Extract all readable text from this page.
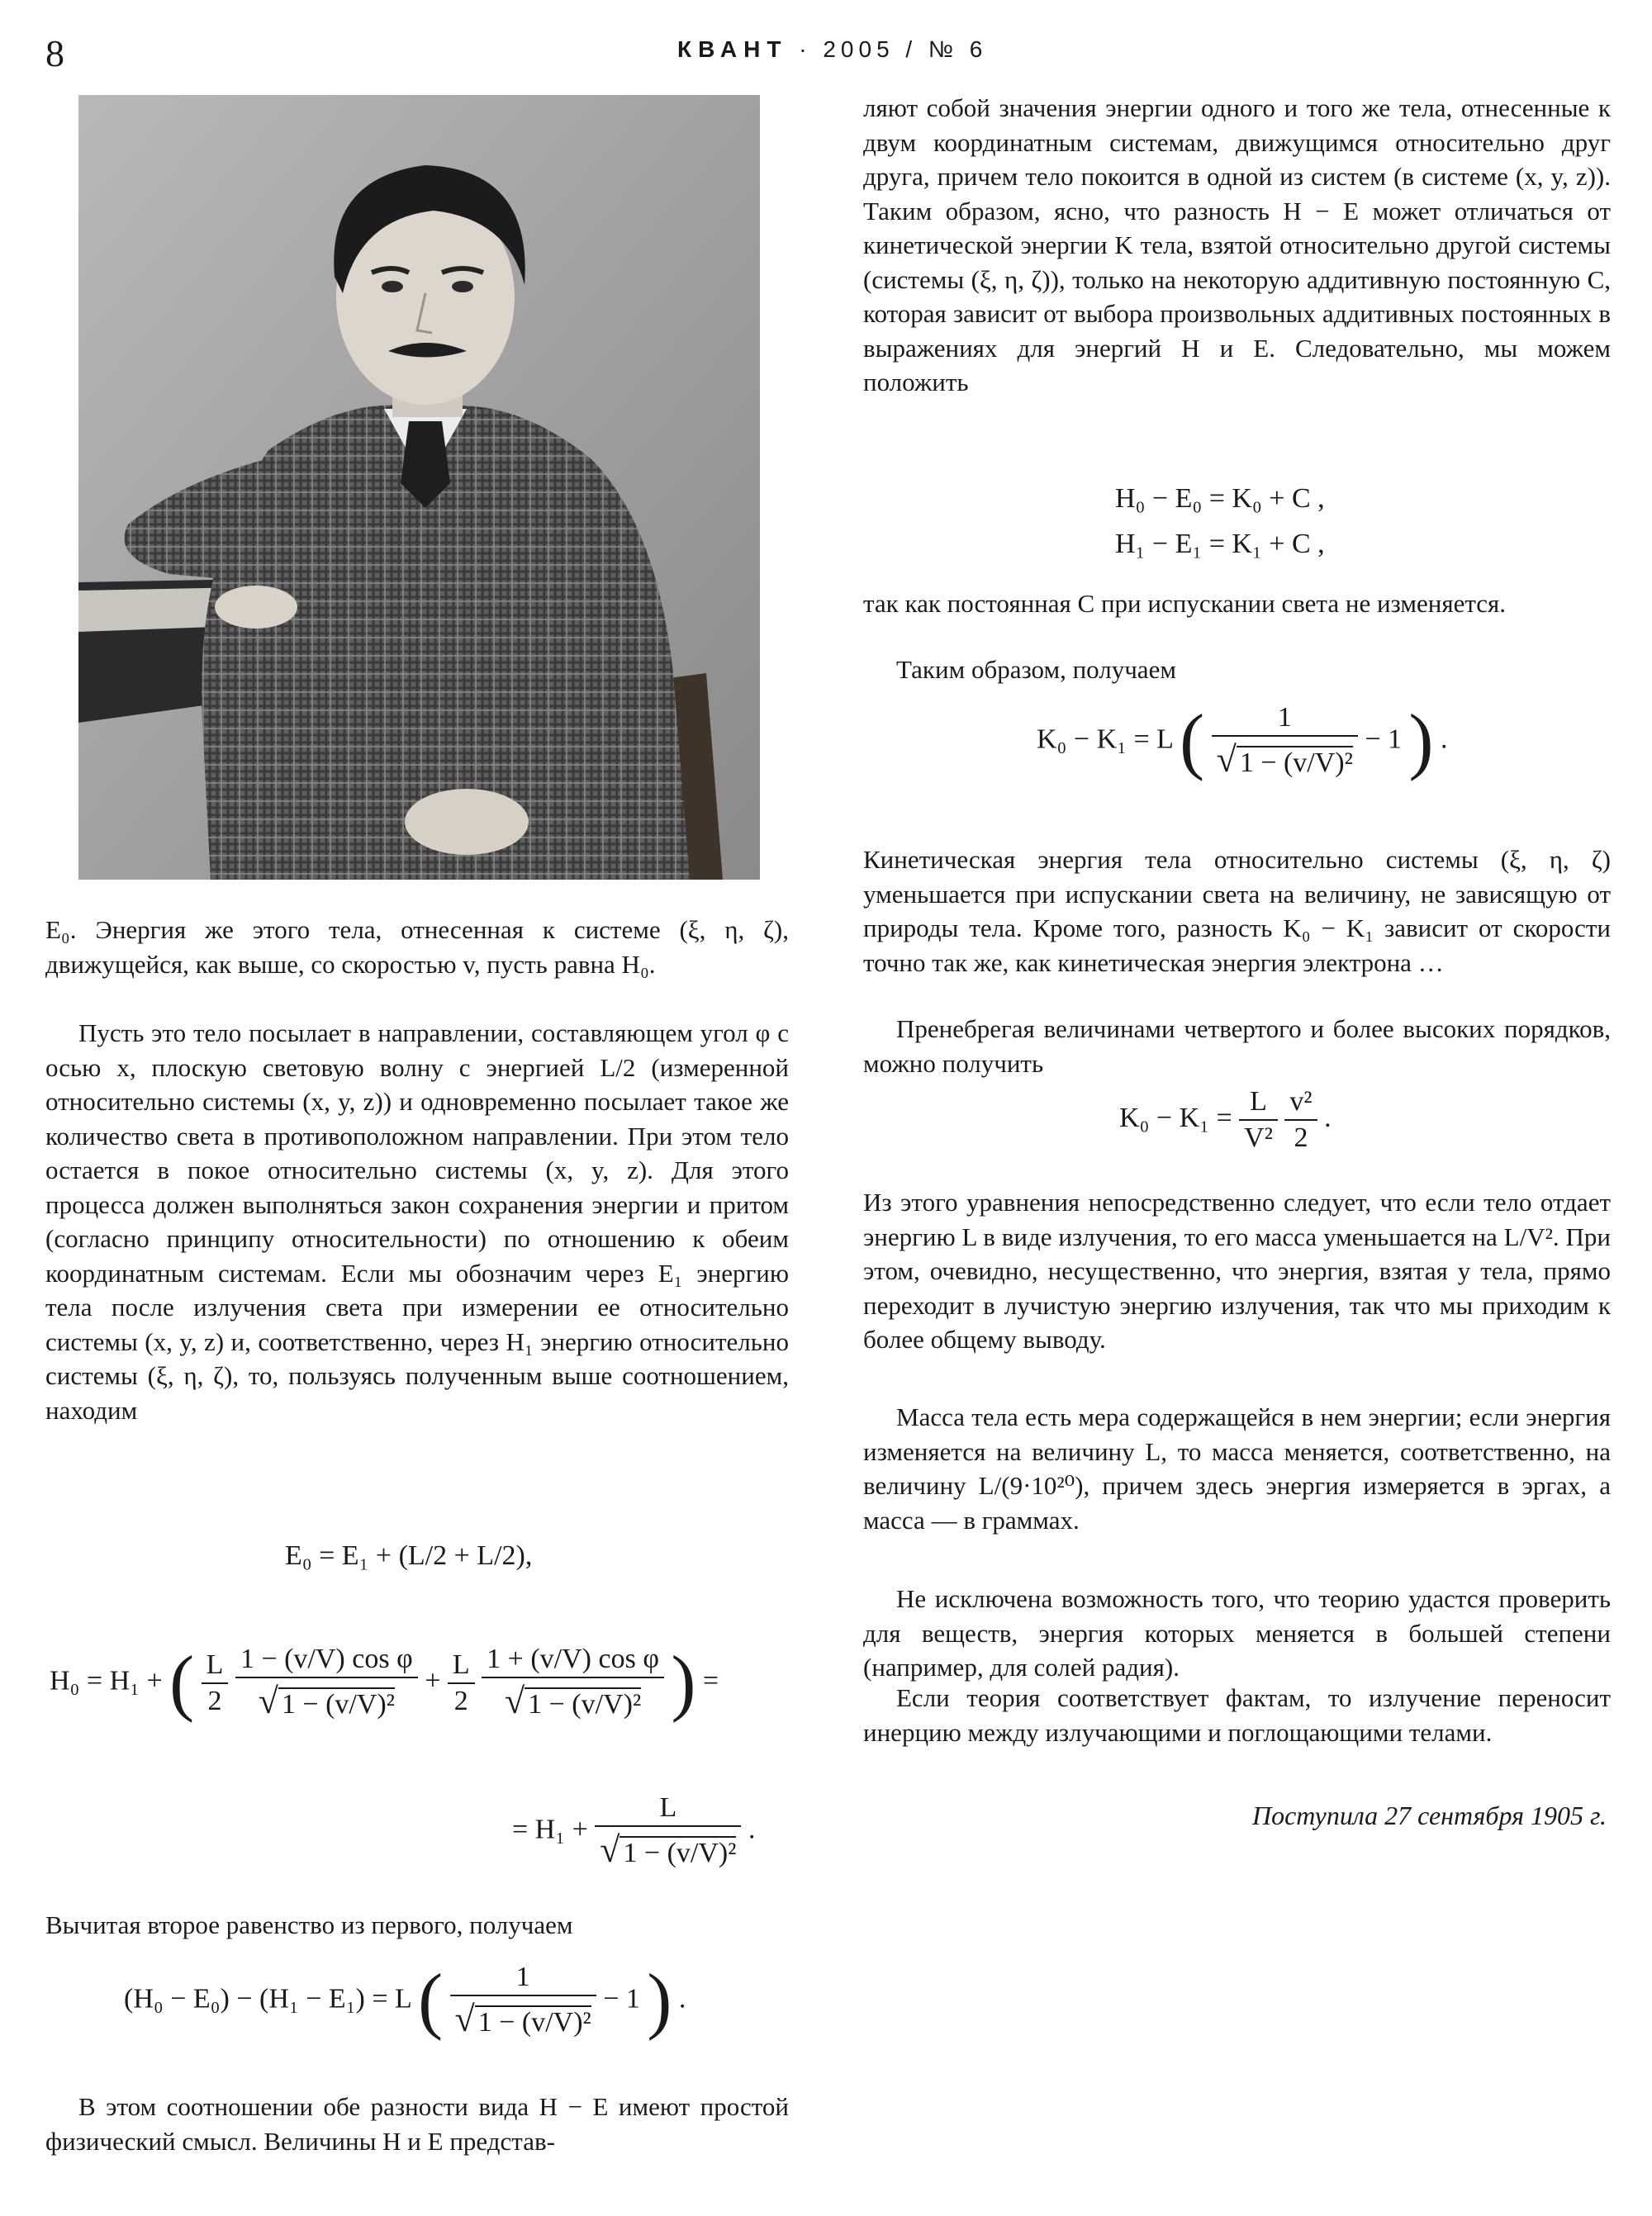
8	КВАНТ · 2005 / № 6

E₀. Энергия же этого тела, отнесенная к системе (ξ, η, ζ), движущейся, как выше, со скоростью v, пусть равна H₀.

Пусть это тело посылает в направлении, составляющем угол φ с осью x, плоскую световую волну с энергией L/2 (измеренной относительно системы (x, y, z)) и одновременно посылает такое же количество света в противоположном направлении. При этом тело остается в покое относительно системы (x, y, z). Для этого процесса должен выполняться закон сохранения энергии и притом (согласно принципу относительности) по отношению к обеим координатным системам. Если мы обозначим через E₁ энергию тела после излучения света при измерении ее относительно системы (x, y, z) и, соответственно, через H₁ энергию относительно системы (ξ, η, ζ), то, пользуясь полученным выше соотношением, находим

E₀ = E₁ + (L/2 + L/2),
H₀ = H₁ + ( $\frac{L}{2}$
$\frac{\text{1 − (v/V) cos φ}}{\text{√ 1 − (v/V)²}} + \frac{L}{2}$
$\frac{\text{1 + (v/V) cos φ}}{\text{√ 1 − (v/V)²}}$ ) =
= $H_1 + \frac{L}{\text{√ 1 − (v/V)²}}$ .

Вычитая второе равенство из первого, получаем

(H₀ − E₀) − (H₁ − E₁) = L ( $\frac{1}{\text{√ 1 − (v/V)²}} - 1$ ) .

В этом соотношении обе разности вида H − E имеют простой физический смысл. Величины H и E представ-

ляют собой значения энергии одного и того же тела, отнесенные к двум координатным системам, движущимся относительно друг друга, причем тело покоится в одной из систем (в системе (x, y, z)). Таким образом, ясно, что разность H − E может отличаться от кинетической энергии K тела, взятой относительно другой системы (системы (ξ, η, ζ)), только на некоторую аддитивную постоянную C, которая зависит от выбора произвольных аддитивных постоянных в выражениях для энергий H и E. Следовательно, мы можем положить

H₀ − E₀ = K₀ + C ,
H₁ − E₁ = K₁ + C ,

так как постоянная C при испускании света не изменяется.

Таким образом, получаем

K₀ − K₁ = L ( $\frac{1}{\text{√ 1 − (v/V)²}} - 1$ ) .

Кинетическая энергия тела относительно системы (ξ, η, ζ) уменьшается при испускании света на величину, не зависящую от природы тела. Кроме того, разность K₀ − K₁ зависит от скорости точно так же, как кинетическая энергия электрона …

Пренебрегая величинами четвертого и более высоких порядков, можно получить

$K_0 - K_1 = \frac{L}{\text{V²}}$
$\frac{\text{v²}}{2}$ .

Из этого уравнения непосредственно следует, что если тело отдает энергию L в виде излучения, то его масса уменьшается на L/V². При этом, очевидно, несущественно, что энергия, взятая у тела, прямо переходит в лучистую энергию излучения, так что мы приходим к более общему выводу.

Масса тела есть мера содержащейся в нем энергии; если энергия изменяется на величину L, то масса меняется, соответственно, на величину L/(9·10²⁰), причем здесь энергия измеряется в эргах, а масса — в граммах.

Не исключена возможность того, что теорию удастся проверить для веществ, энергия которых меняется в большей степени (например, для солей радия).

Если теория соответствует фактам, то излучение переносит инерцию между излучающими и поглощающими телами.

Поступила 27 сентября 1905 г.
